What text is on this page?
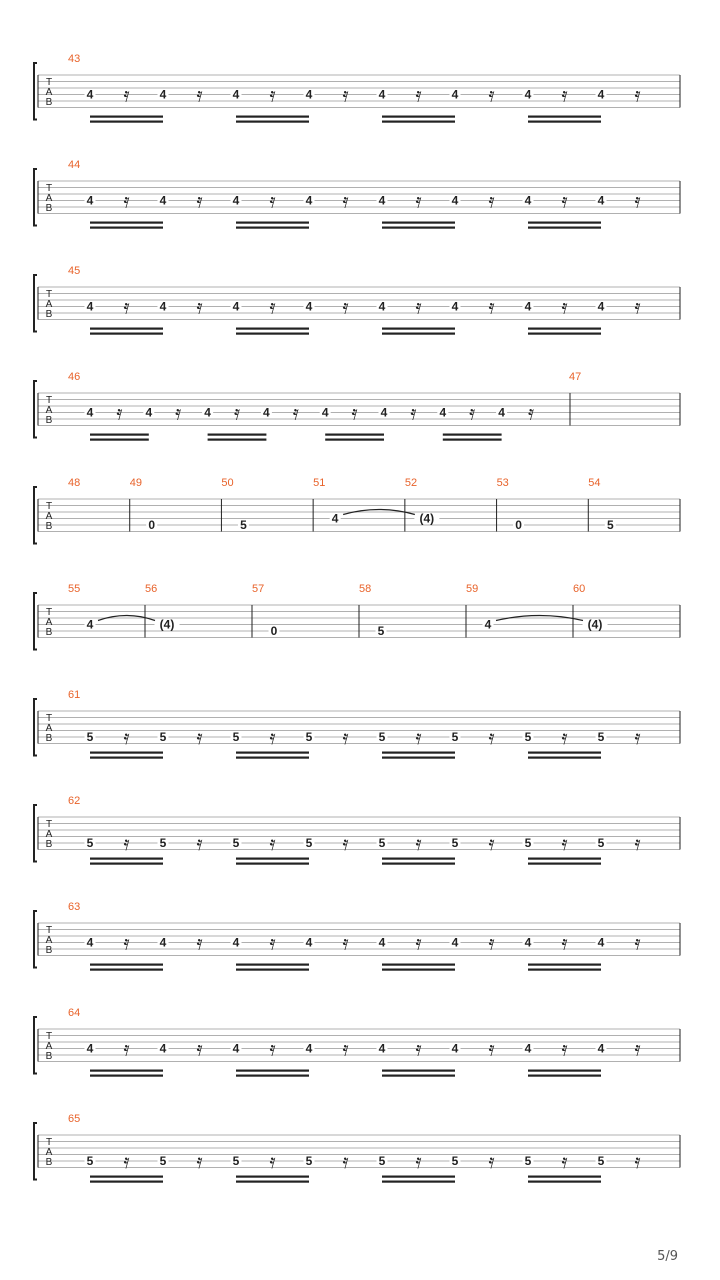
T
A
B
43
4 𝄿	4 𝄿	4 𝄿	4 𝄿	4 𝄿	4 𝄿	4 𝄿	4 𝄿
T
A
B
44
4 𝄿	4 𝄿	4 𝄿	4 𝄿	4 𝄿	4 𝄿	4 𝄿	4 𝄿
T
A
B
45
4 𝄿	4 𝄿	4 𝄿	4 𝄿	4 𝄿	4 𝄿	4 𝄿	4 𝄿
T
A
B
46
4 𝄿 4 𝄿 4 𝄿 4 𝄿 4 𝄿 4 𝄿 4 𝄿 4 𝄿
47
T
A
B
48	49
0
50
5
51
4
52
(4)
53
0
54
5
T
A
B
55
4
56
(4)
57
0
58
5
59
4
60
(4)
T
A
B
61
5 𝄿	5 𝄿	5 𝄿	5 𝄿	5 𝄿	5 𝄿	5 𝄿	5 𝄿
T
A
B
62
5 𝄿	5 𝄿	5 𝄿	5 𝄿	5 𝄿	5 𝄿	5 𝄿	5 𝄿
T
A
B
63
4 𝄿	4 𝄿	4 𝄿	4 𝄿	4 𝄿	4 𝄿	4 𝄿	4 𝄿
T
A
B
64
4 𝄿	4 𝄿	4 𝄿	4 𝄿	4 𝄿	4 𝄿	4 𝄿	4 𝄿
T
A
B
65
5 𝄿	5 𝄿	5 𝄿	5 𝄿	5 𝄿	5 𝄿	5 𝄿	5 𝄿
5/9
